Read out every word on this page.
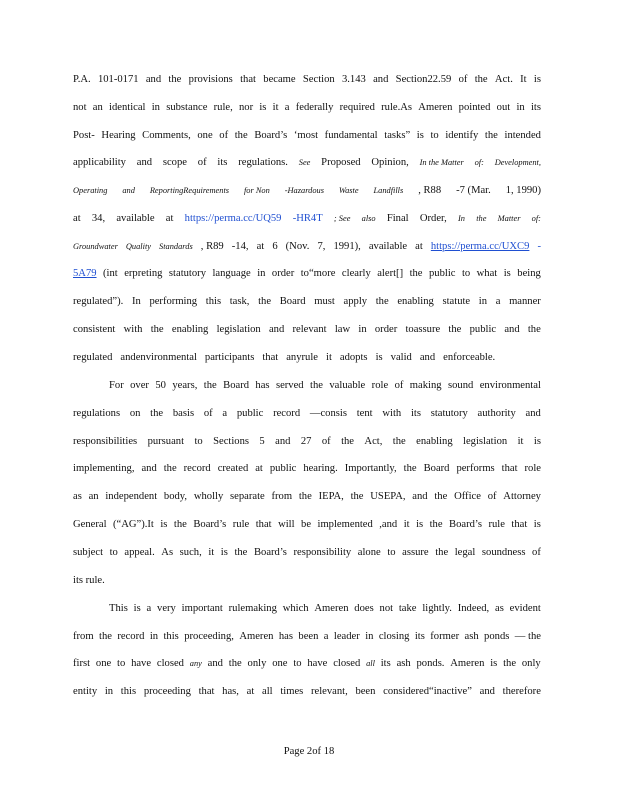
P.A. 101-0171 and the provisions that became Section 3.143 and Section22.59 of the Act. It is
not an identical in substance rule, nor is it a federally required rule.As Ameren pointed out in its
Post- Hearing Comments, one of the Board’s ‘most fundamental tasks” is to identify the intended
applicability and scope of its regulations. See Proposed Opinion, In the Matter of: Development,
Operating and ReportingRequirements for Non -Hazardous Waste Landfills , R88 -7 (Mar. 1, 1990)
at 34, available at https://perma.cc/UQ59 -HR4T ; See also Final Order, In the Matter of:
Groundwater Quality Standards , R89 -14, at 6 (Nov. 7, 1991), available at https://perma.cc/UXC9 -
5A79 (int erpreting statutory language in order to“more clearly alert[] the public to what is being
regulated”). In performing this task, the Board must apply the enabling statute in a manner
consistent with the enabling legislation and relevant law in order toassure the public and the
regulated andenvironmental participants that anyrule it adopts is valid and enforceable.
For over 50 years, the Board has served the valuable role of making sound environmental
regulations on the basis of a public record —consis tent with its statutory authority and
responsibilities pursuant to Sections 5 and 27 of the Act, the enabling legislation it is
implementing, and the record created at public hearing. Importantly, the Board performs that role
as an independent body, wholly separate from the IEPA, the USEPA, and the Office of Attorney
General (“AG”).It is the Board’s rule that will be implemented ,and it is the Board’s rule that is
subject to appeal. As such, it is the Board’s responsibility alone to assure the legal soundness of
its rule.
This is a very important rulemaking which Ameren does not take lightly. Indeed, as evident
from the record in this proceeding, Ameren has been a leader in closing its former ash ponds — the
first one to have closed any and the only one to have closed all its ash ponds. Ameren is the only
entity in this proceeding that has, at all times relevant, been considered“inactive” and therefore
Page 2of 18
